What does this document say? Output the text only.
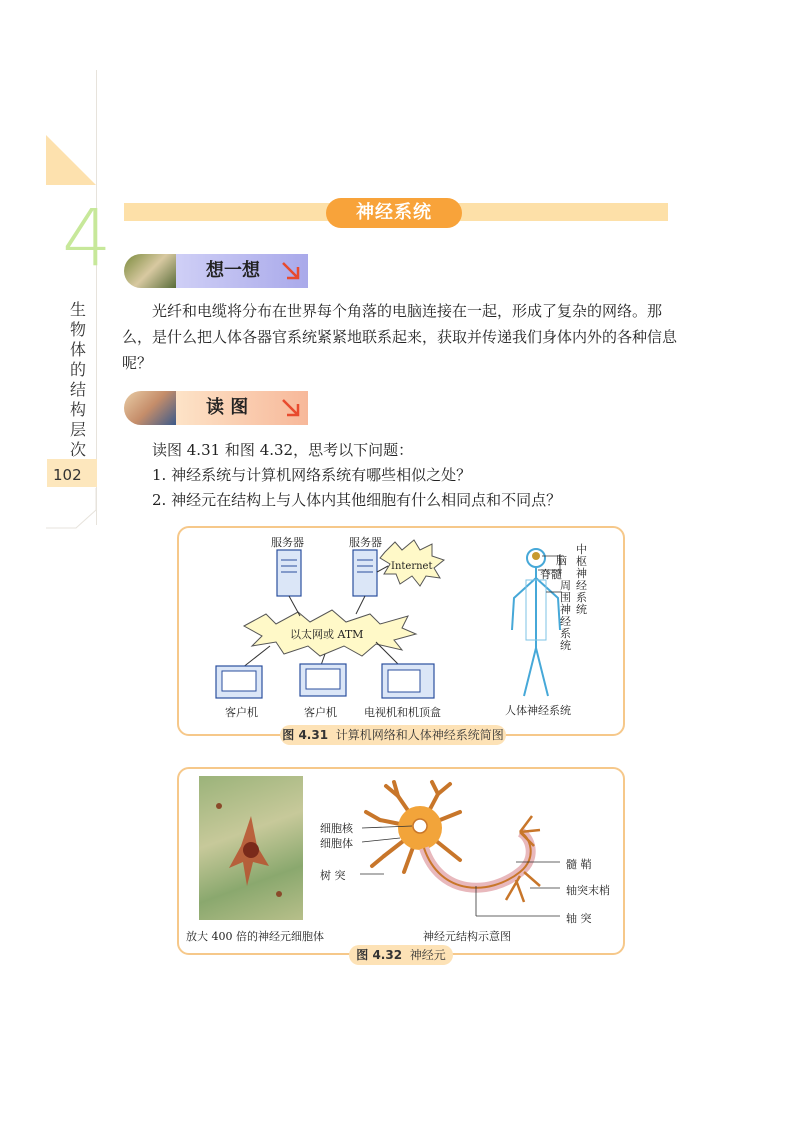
4
生物体的结构层次
102
神经系统
想一想
光纤和电缆将分布在世界每个角落的电脑连接在一起，形成了复杂的网络。那么，是什么把人体各器官系统紧紧地联系起来，获取并传递我们身体内外的各种信息呢？
读 图
读图 4.31 和图 4.32，思考以下问题：
1. 神经系统与计算机网络系统有哪些相似之处？
2. 神经元在结构上与人体内其他细胞有什么相同点和不同点？
服务器	服务器
Internet
以太网或 ATM
客户机	客户机 电视机和机顶盒	人体神经系统
脑
脊髓
中枢神经系统
周围神经系统
图 4.31 计算机网络和人体神经系统简图
细胞核
细胞体
树 突
髓 鞘
轴突末梢
轴 突
放大 400 倍的神经元细胞体	神经元结构示意图
图 4.32 神经元
